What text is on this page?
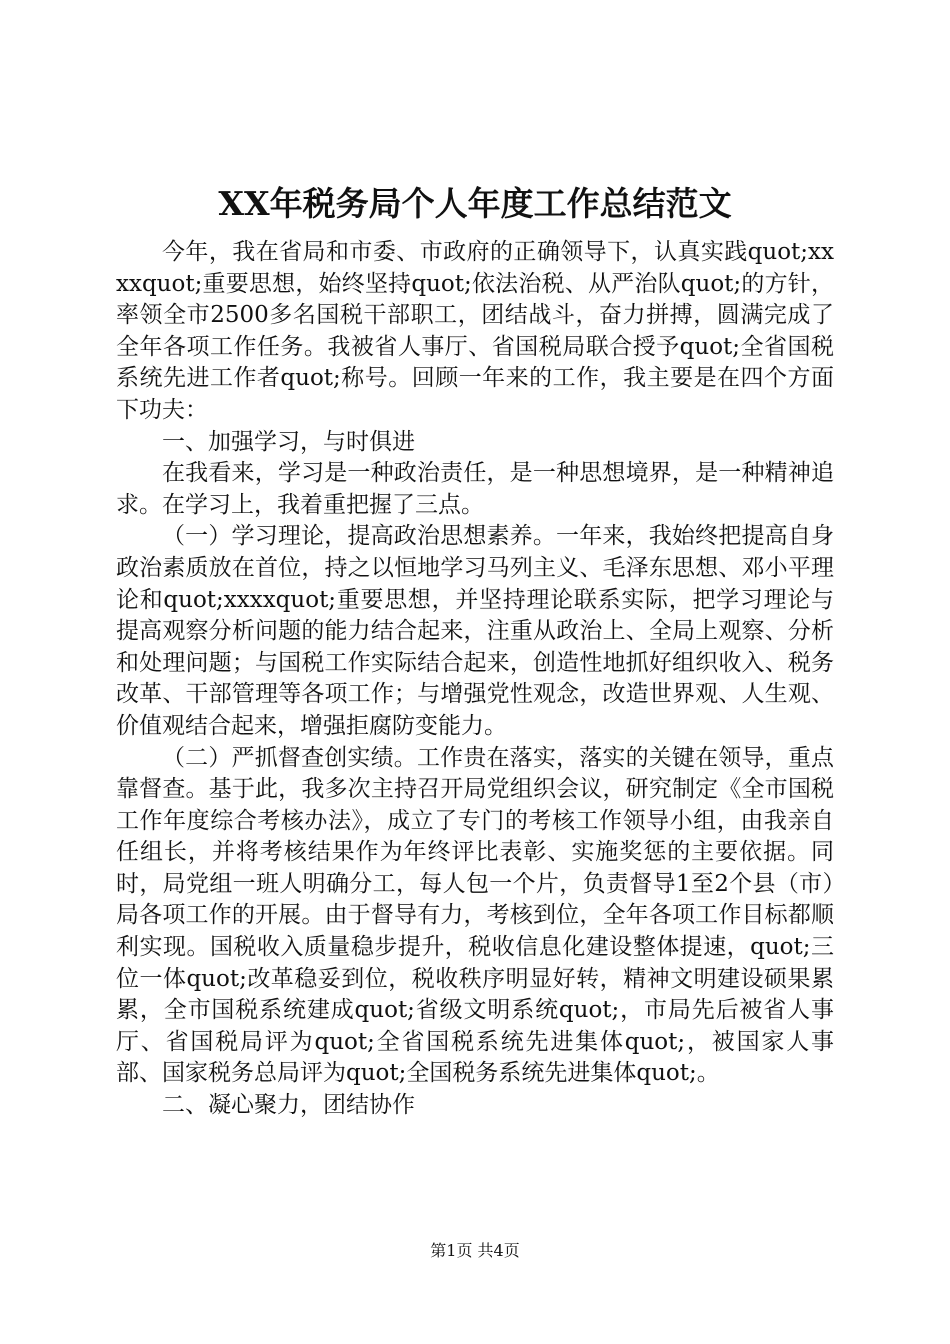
XX年税务局个人年度工作总结范文

今年，我在省局和市委、市政府的正确领导下，认真实践quot;xxxxquot;重要思想，始终坚持quot;依法治税、从严治队quot;的方针，率领全市2500多名国税干部职工，团结战斗，奋力拼搏，圆满完成了全年各项工作任务。我被省人事厅、省国税局联合授予quot;全省国税系统先进工作者quot;称号。回顾一年来的工作，我主要是在四个方面下功夫：

一、加强学习，与时俱进

在我看来，学习是一种政治责任，是一种思想境界，是一种精神追求。在学习上，我着重把握了三点。

（一）学习理论，提高政治思想素养。一年来，我始终把提高自身政治素质放在首位，持之以恒地学习马列主义、毛泽东思想、邓小平理论和quot;xxxxquot;重要思想，并坚持理论联系实际，把学习理论与提高观察分析问题的能力结合起来，注重从政治上、全局上观察、分析和处理问题；与国税工作实际结合起来，创造性地抓好组织收入、税务改革、干部管理等各项工作；与增强党性观念，改造世界观、人生观、价值观结合起来，增强拒腐防变能力。

（二）严抓督查创实绩。工作贵在落实，落实的关键在领导，重点靠督查。基于此，我多次主持召开局党组织会议，研究制定《全市国税工作年度综合考核办法》，成立了专门的考核工作领导小组，由我亲自任组长，并将考核结果作为年终评比表彰、实施奖惩的主要依据。同时，局党组一班人明确分工，每人包一个片，负责督导1至2个县（市）局各项工作的开展。由于督导有力，考核到位，全年各项工作目标都顺利实现。国税收入质量稳步提升，税收信息化建设整体提速，quot;三位一体quot;改革稳妥到位，税收秩序明显好转，精神文明建设硕果累累，全市国税系统建成quot;省级文明系统quot;，市局先后被省人事厅、省国税局评为quot;全省国税系统先进集体quot;，被国家人事部、国家税务总局评为quot;全国税务系统先进集体quot;。

二、凝心聚力，团结协作

第1页 共4页
